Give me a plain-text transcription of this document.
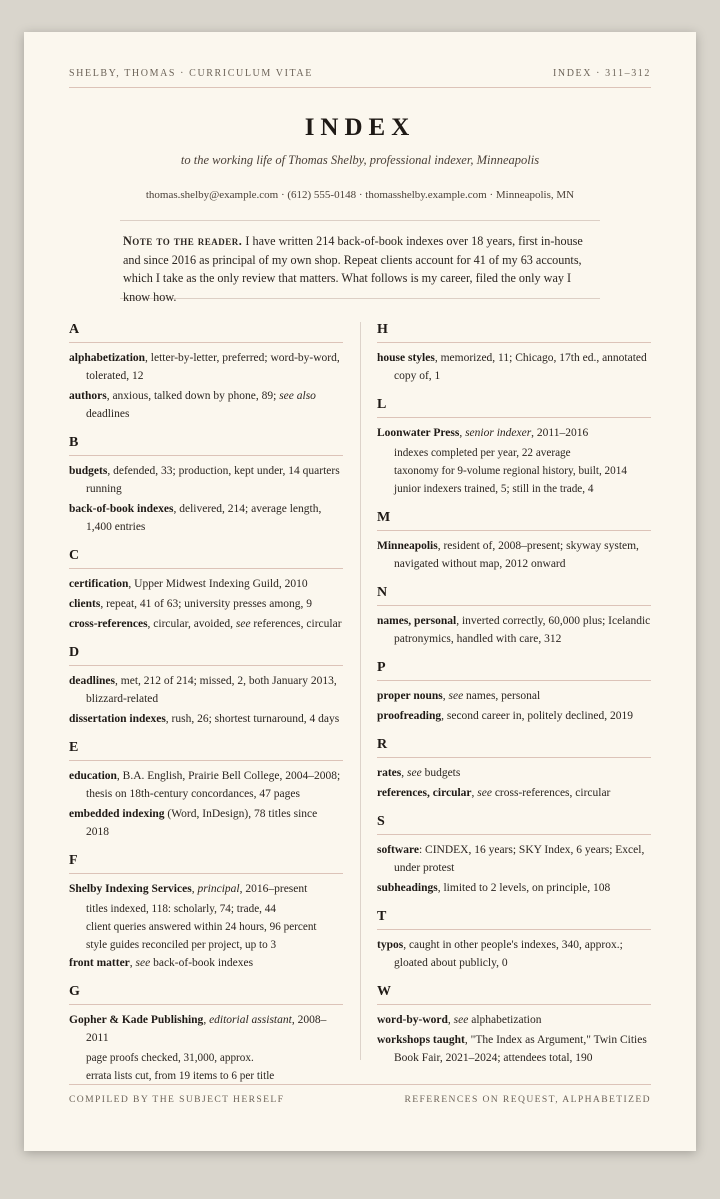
SHELBY, THOMAS · CURRICULUM VITAE	INDEX · 311–312
INDEX
to the working life of Thomas Shelby, professional indexer, Minneapolis
thomas.shelby@example.com · (612) 555-0148 · thomasshelby.example.com · Minneapolis, MN
Note to the reader. I have written 214 back-of-book indexes over 18 years, first in-house and since 2016 as principal of my own shop. Repeat clients account for 41 of my 63 accounts, which I take as the only review that matters. What follows is my career, filed the only way I know how.
A
alphabetization, letter-by-letter, preferred; word-by-word, tolerated, 12
authors, anxious, talked down by phone, 89; see also deadlines
B
budgets, defended, 33; production, kept under, 14 quarters running
back-of-book indexes, delivered, 214; average length, 1,400 entries
C
certification, Upper Midwest Indexing Guild, 2010
clients, repeat, 41 of 63; university presses among, 9
cross-references, circular, avoided, see references, circular
D
deadlines, met, 212 of 214; missed, 2, both January 2013, blizzard-related
dissertation indexes, rush, 26; shortest turnaround, 4 days
E
education, B.A. English, Prairie Bell College, 2004–2008; thesis on 18th-century concordances, 47 pages
embedded indexing (Word, InDesign), 78 titles since 2018
F
Shelby Indexing Services, principal, 2016–present
titles indexed, 118: scholarly, 74; trade, 44
client queries answered within 24 hours, 96 percent
style guides reconciled per project, up to 3
front matter, see back-of-book indexes
G
Gopher & Kade Publishing, editorial assistant, 2008–2011
page proofs checked, 31,000, approx.
errata lists cut, from 19 items to 6 per title
H
house styles, memorized, 11; Chicago, 17th ed., annotated copy of, 1
L
Loonwater Press, senior indexer, 2011–2016
indexes completed per year, 22 average
taxonomy for 9-volume regional history, built, 2014
junior indexers trained, 5; still in the trade, 4
M
Minneapolis, resident of, 2008–present; skyway system, navigated without map, 2012 onward
N
names, personal, inverted correctly, 60,000 plus; Icelandic patronymics, handled with care, 312
P
proper nouns, see names, personal
proofreading, second career in, politely declined, 2019
R
rates, see budgets
references, circular, see cross-references, circular
S
software: CINDEX, 16 years; SKY Index, 6 years; Excel, under protest
subheadings, limited to 2 levels, on principle, 108
T
typos, caught in other people's indexes, 340, approx.; gloated about publicly, 0
W
word-by-word, see alphabetization
workshops taught, "The Index as Argument," Twin Cities Book Fair, 2021–2024; attendees total, 190
COMPILED BY THE SUBJECT HERSELF	REFERENCES ON REQUEST, ALPHABETIZED
